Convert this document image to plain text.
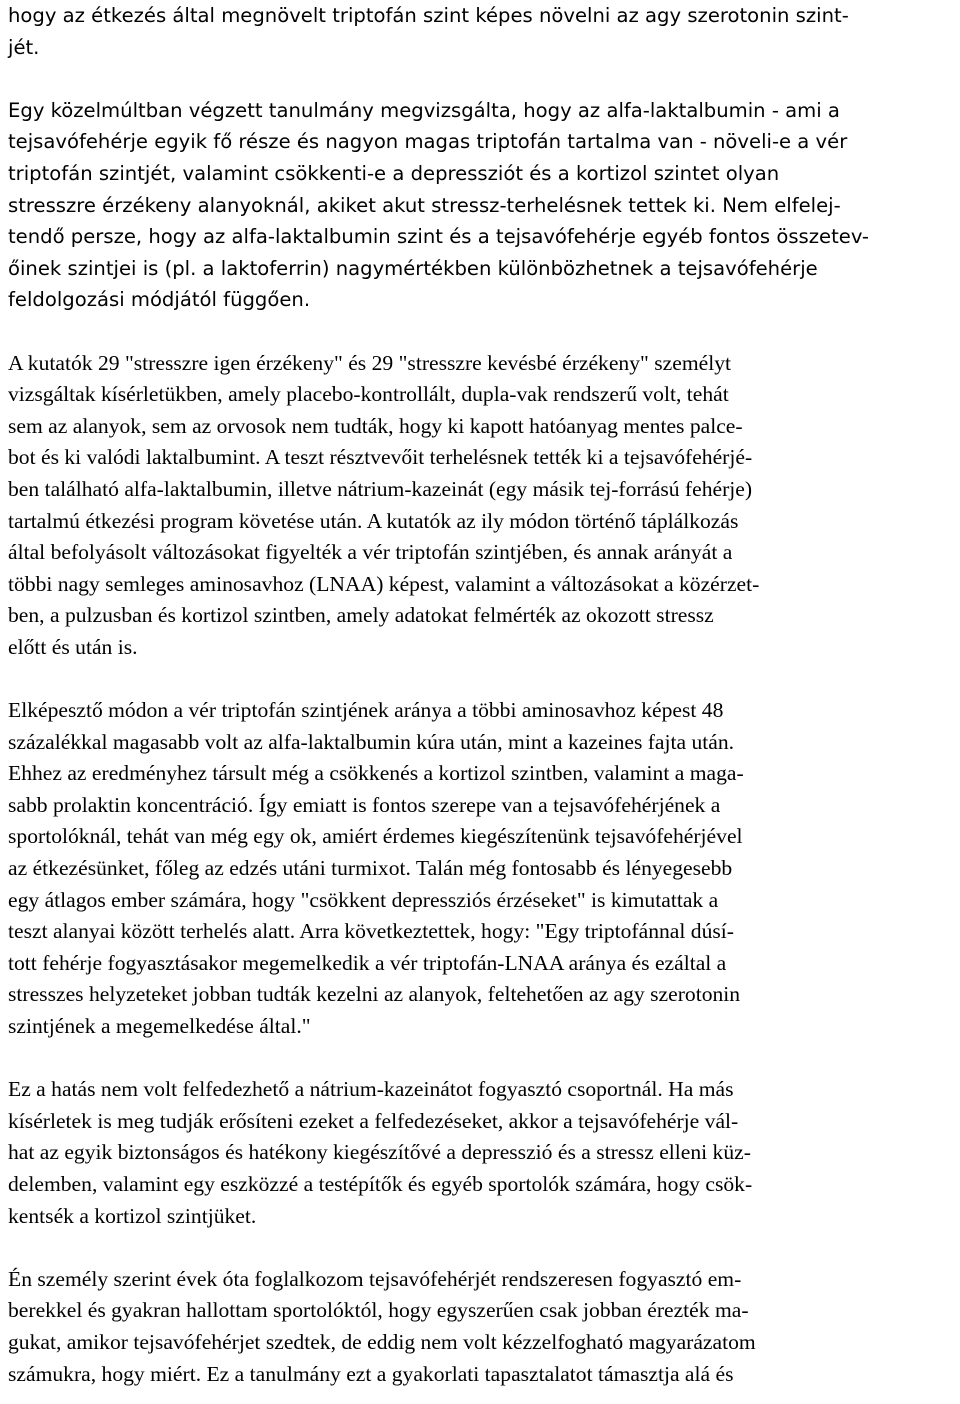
hogy az étkezés által megnövelt triptofán szint képes növelni az agy szerotonin szint-
jét.
Egy közelmúltban végzett tanulmány megvizsgálta, hogy az alfa-laktalbumin - ami a
tejsavófehérje egyik fő része és nagyon magas triptofán tartalma van - növeli-e a vér
triptofán szintjét, valamint csökkenti-e a depressziót és a kortizol szintet olyan
stresszre érzékeny alanyoknál, akiket akut stressz-terhelésnek tettek ki. Nem elfelej-
tendő persze, hogy az alfa-laktalbumin szint és a tejsavófehérje egyéb fontos összetev-
őinek szintjei is (pl. a laktoferrin) nagymértékben különbözhetnek a tejsavófehérje
feldolgozási módjától függően.
A kutatók 29 "stresszre igen érzékeny" és 29 "stresszre kevésbé érzékeny" személyt
vizsgáltak kísérletükben, amely placebo-kontrollált, dupla-vak rendszerű volt, tehát
sem az alanyok, sem az orvosok nem tudták, hogy ki kapott hatóanyag mentes palce-
bot és ki valódi laktalbumint. A teszt résztvevőit terhelésnek tették ki a tejsavófehérjé-
ben található alfa-laktalbumin, illetve nátrium-kazeinát (egy másik tej-forrású fehérje)
tartalmú étkezési program követése után. A kutatók az ily módon történő táplálkozás
által befolyásolt változásokat figyelték a vér triptofán szintjében, és annak arányát a
többi nagy semleges aminosavhoz (LNAA) képest, valamint a változásokat a közérzet-
ben, a pulzusban és kortizol szintben, amely adatokat felmérték az okozott stressz
előtt és után is.
Elképesztő módon a vér triptofán szintjének aránya a többi aminosavhoz képest 48
százalékkal magasabb volt az alfa-laktalbumin kúra után, mint a kazeines fajta után.
Ehhez az eredményhez társult még a csökkenés a kortizol szintben, valamint a maga-
sabb prolaktin koncentráció. Így emiatt is fontos szerepe van a tejsavófehérjének a
sportolóknál, tehát van még egy ok, amiért érdemes kiegészítenünk tejsavófehérjével
az étkezésünket, főleg az edzés utáni turmixot. Talán még fontosabb és lényegesebb
egy átlagos ember számára, hogy "csökkent depressziós érzéseket" is kimutattak a
teszt alanyai között terhelés alatt. Arra következtettek, hogy: "Egy triptofánnal dúsí-
tott fehérje fogyasztásakor megemelkedik a vér triptofán-LNAA aránya és ezáltal a
stresszes helyzeteket jobban tudták kezelni az alanyok, feltehetően az agy szerotonin
szintjének a megemelkedése által."
Ez a hatás nem volt felfedezhető a nátrium-kazeinátot fogyasztó csoportnál. Ha más
kísérletek is meg tudják erősíteni ezeket a felfedezéseket, akkor a tejsavófehérje vál-
hat az egyik biztonságos és hatékony kiegészítővé a depresszió és a stressz elleni küz-
delemben, valamint egy eszközzé a testépítők és egyéb sportolók számára, hogy csök-
kentsék a kortizol szintjüket.
Én személy szerint évek óta foglalkozom tejsavófehérjét rendszeresen fogyasztó em-
berekkel és gyakran hallottam sportolóktól, hogy egyszerűen csak jobban érezték ma-
gukat, amikor tejsavófehérjet szedtek, de eddig nem volt kézzelfogható magyarázatom
számukra, hogy miért. Ez a tanulmány ezt a gyakorlati tapasztalatot támasztja alá és
